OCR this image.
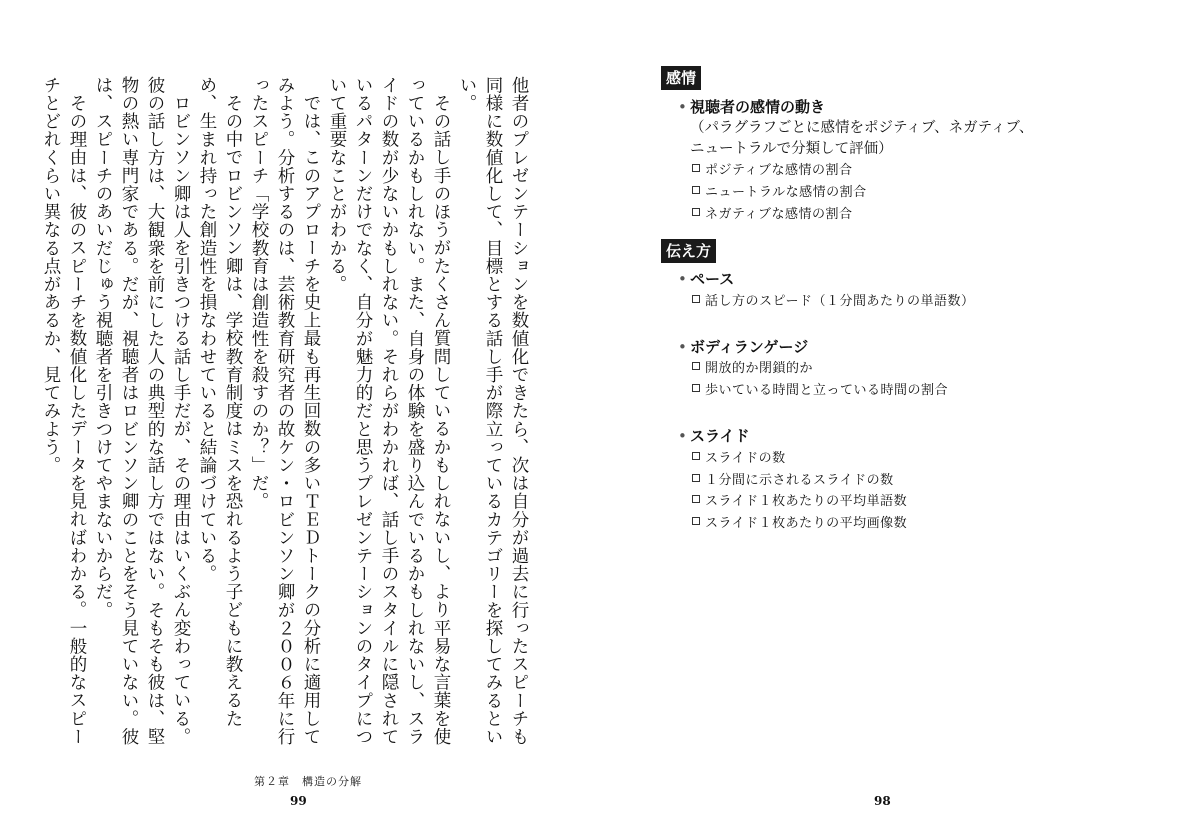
他者のプレゼンテーションを数値化できたら、次は自分が過去に行ったスピーチも同様に数値化して、目標とする話し手が際立っているカテゴリーを探してみるといい。

その話し手のほうがたくさん質問しているかもしれないし、より平易な言葉を使っているかもしれない。また、自身の体験を盛り込んでいるかもしれないし、スライドの数が少ないかもしれない。それらがわかれば、話し手のスタイルに隠されているパターンだけでなく、自分が魅力的だと思うプレゼンテーションのタイプについて重要なことがわかる。

では、このアプローチを史上最も再生回数の多いＴＥＤトークの分析に適用してみよう。分析するのは、芸術教育研究者の故ケン・ロビンソン卿が２００６年に行ったスピーチ「学校教育は創造性を殺すのか？」だ。

その中でロビンソン卿は、学校教育制度はミスを恐れるよう子どもに教えるため、生まれ持った創造性を損なわせていると結論づけている。

ロビンソン卿は人を引きつける話し手だが、その理由はいくぶん変わっている。彼の話し方は、大観衆を前にした人の典型的な話し方ではない。そもそも彼は、堅物の熱い専門家である。だが、視聴者はロビンソン卿のことをそう見ていない。彼は、スピーチのあいだじゅう視聴者を引きつけてやまないからだ。

その理由は、彼のスピーチを数値化したデータを見ればわかる。一般的なスピーチとどれくらい異なる点があるか、見てみよう。

第２章　構造の分解
99
感情
• 視聴者の感情の動き
（パラグラフごとに感情をポジティブ、ネガティブ、
ニュートラルで分類して評価）
ポジティブな感情の割合
ニュートラルな感情の割合
ネガティブな感情の割合
伝え方
• ペース
話し方のスピード（１分間あたりの単語数）
• ボディランゲージ
開放的か閉鎖的か
歩いている時間と立っている時間の割合
• スライド
スライドの数
１分間に示されるスライドの数
スライド１枚あたりの平均単語数
スライド１枚あたりの平均画像数
98
